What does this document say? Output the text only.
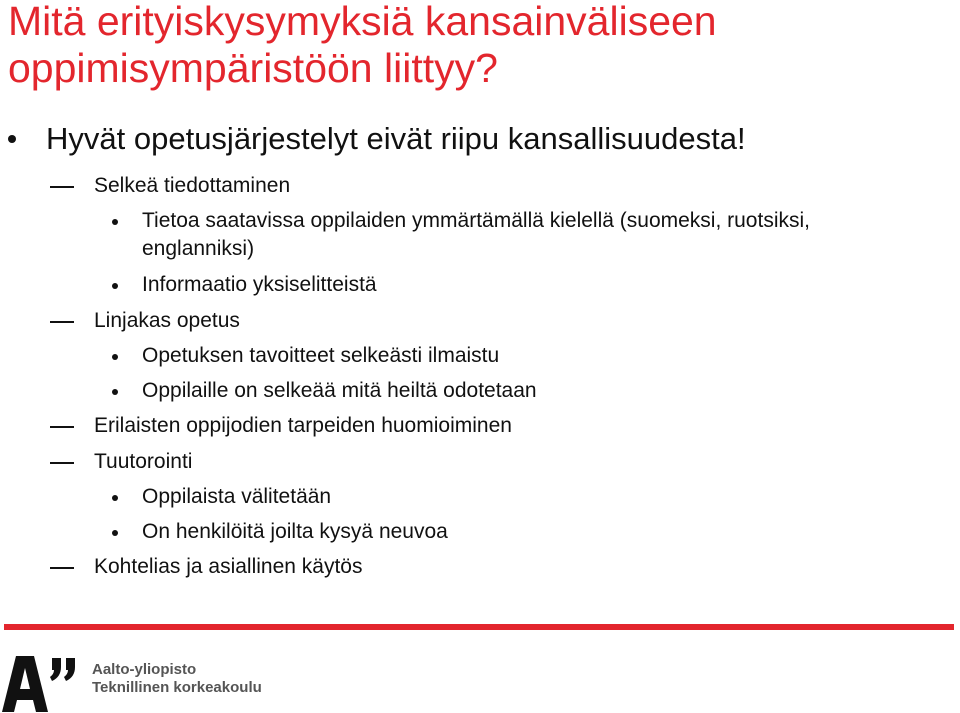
Mitä erityiskysymyksiä kansainväliseen
oppimisympäristöön liittyy?
Hyvät opetusjärjestelyt eivät riipu kansallisuudesta!
Selkeä tiedottaminen
Tietoa saatavissa oppilaiden ymmärtämällä kielellä (suomeksi, ruotsiksi,
englanniksi)
Informaatio yksiselitteistä
Linjakas opetus
Opetuksen tavoitteet selkeästi ilmaistu
Oppilaille on selkeää mitä heiltä odotetaan
Erilaisten oppijodien tarpeiden huomioiminen
Tuutorointi
Oppilaista välitetään
On henkilöitä joilta kysyä neuvoa
Kohtelias ja asiallinen käytös
Aalto-yliopisto
Teknillinen korkeakoulu
